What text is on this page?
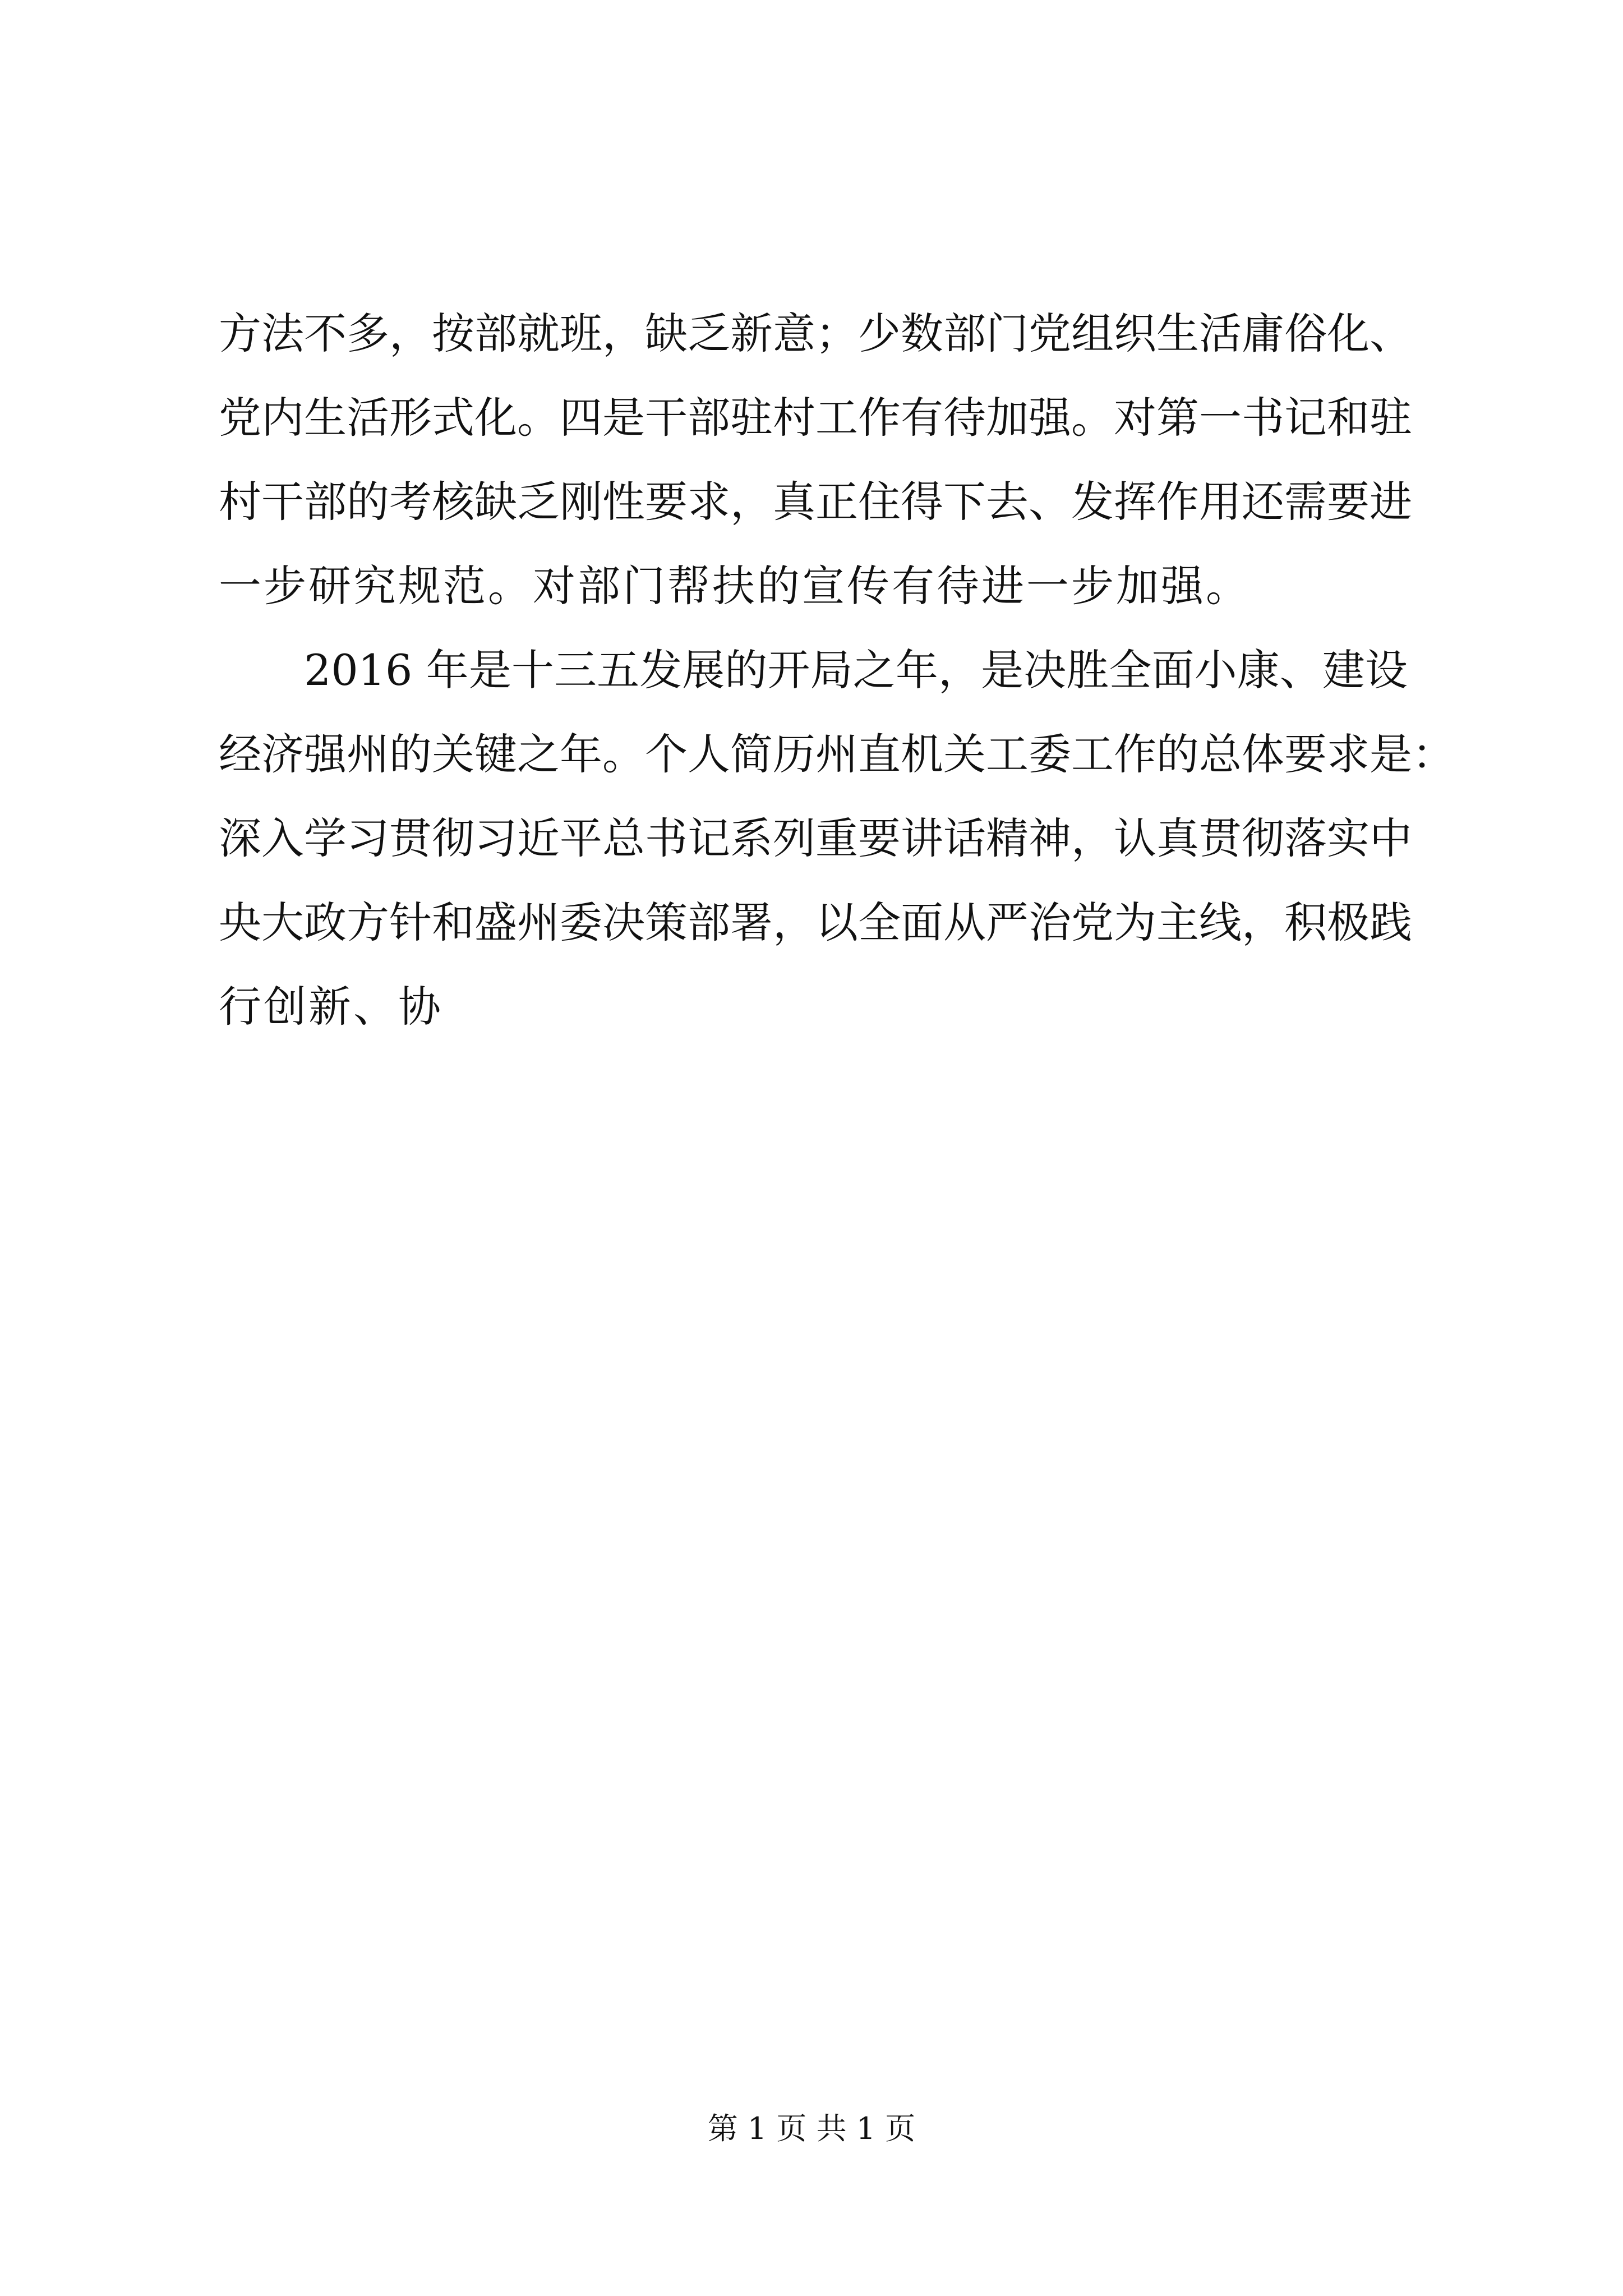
方法不多，按部就班，缺乏新意；少数部门党组织生活庸俗化、
党内生活形式化。四是干部驻村工作有待加强。对第一书记和驻
村干部的考核缺乏刚性要求，真正住得下去、发挥作用还需要进
一步研究规范。对部门帮扶的宣传有待进一步加强。
2016 年是十三五发展的开局之年，是决胜全面小康、建设
经济强州的关键之年。个人简历州直机关工委工作的总体要求是：
深入学习贯彻习近平总书记系列重要讲话精神，认真贯彻落实中
央大政方针和盛州委决策部署，以全面从严治党为主线，积极践
行创新、协
第 1 页 共 1 页
